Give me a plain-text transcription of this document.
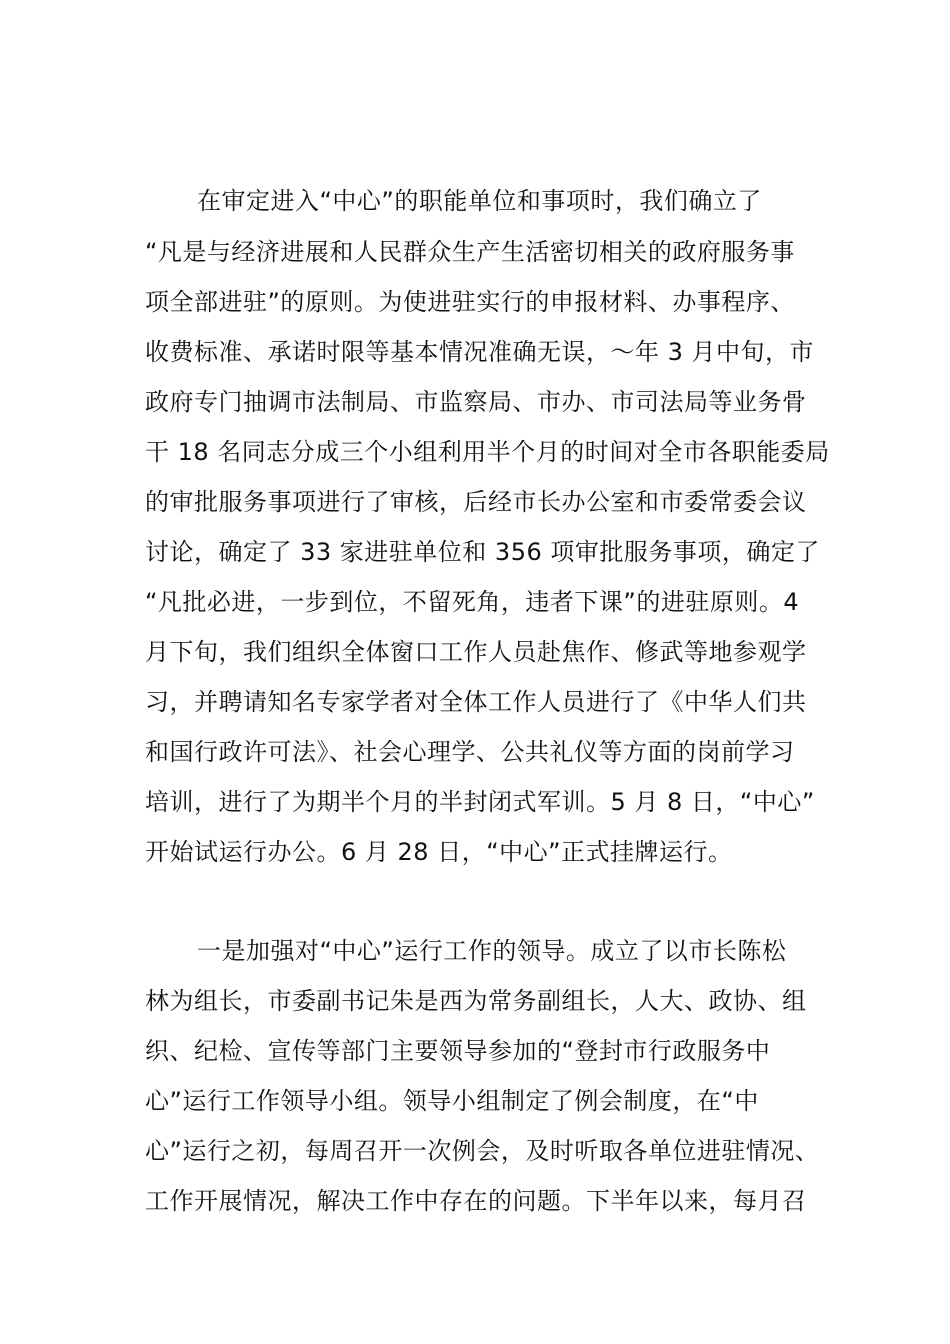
在审定进入“中心”的职能单位和事项时，我们确立了
“凡是与经济进展和人民群众生产生活密切相关的政府服务事
项全部进驻”的原则。为使进驻实行的申报材料、办事程序、
收费标准、承诺时限等基本情况准确无误，～年 3 月中旬，市
政府专门抽调市法制局、市监察局、市办、市司法局等业务骨
干 18 名同志分成三个小组利用半个月的时间对全市各职能委局
的审批服务事项进行了审核，后经市长办公室和市委常委会议
讨论，确定了 33 家进驻单位和 356 项审批服务事项，确定了
“凡批必进，一步到位，不留死角，违者下课”的进驻原则。4
月下旬，我们组织全体窗口工作人员赴焦作、修武等地参观学
习，并聘请知名专家学者对全体工作人员进行了《中华人们共
和国行政许可法》、社会心理学、公共礼仪等方面的岗前学习
培训，进行了为期半个月的半封闭式军训。5 月 8 日，“中心”
开始试运行办公。6 月 28 日，“中心”正式挂牌运行。
一是加强对“中心”运行工作的领导。成立了以市长陈松
林为组长，市委副书记朱是西为常务副组长，人大、政协、组
织、纪检、宣传等部门主要领导参加的“登封市行政服务中
心”运行工作领导小组。领导小组制定了例会制度，在“中
心”运行之初，每周召开一次例会，及时听取各单位进驻情况、
工作开展情况，解决工作中存在的问题。下半年以来，每月召
